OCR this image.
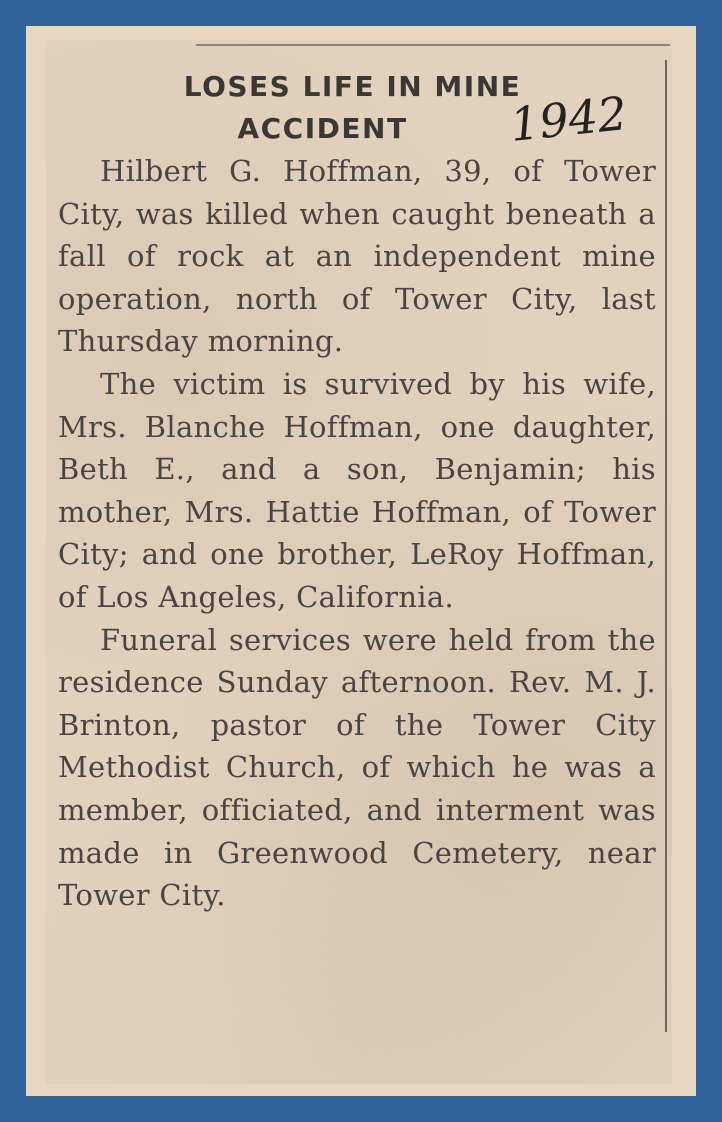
LOSES LIFE IN MINE
ACCIDENT	1942

Hilbert G. Hoffman, 39, of Tower City, was killed when caught beneath a fall of rock at an independent mine operation, north of Tower City, last Thursday morning.

The victim is survived by his wife, Mrs. Blanche Hoffman, one daughter, Beth E., and a son, Benjamin; his mother, Mrs. Hattie Hoffman, of Tower City; and one brother, LeRoy Hoffman, of Los Angeles, California.

Funeral services were held from the residence Sunday afternoon. Rev. M. J. Brinton, pastor of the Tower City Methodist Church, of which he was a member, officiated, and interment was made in Greenwood Cemetery, near Tower City.
